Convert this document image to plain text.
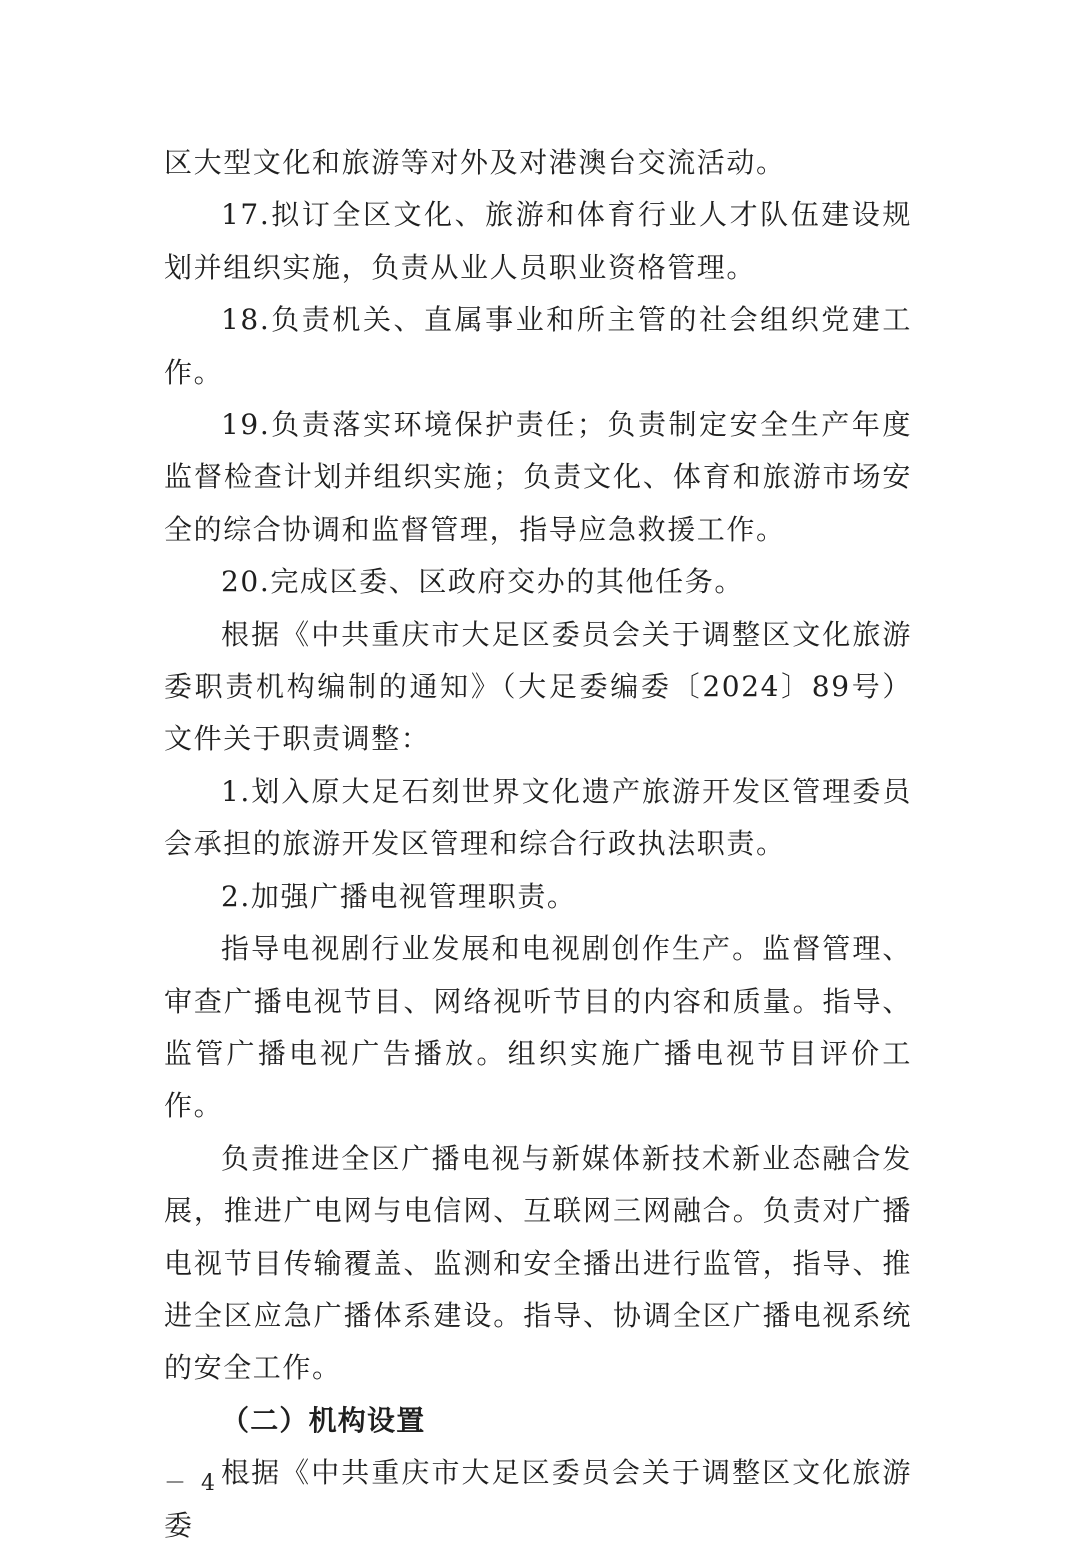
区大型文化和旅游等对外及对港澳台交流活动。

17.拟订全区文化、旅游和体育行业人才队伍建设规划并组织实施，负责从业人员职业资格管理。

18.负责机关、直属事业和所主管的社会组织党建工作。

19.负责落实环境保护责任；负责制定安全生产年度监督检查计划并组织实施；负责文化、体育和旅游市场安全的综合协调和监督管理，指导应急救援工作。

20.完成区委、区政府交办的其他任务。

根据《中共重庆市大足区委员会关于调整区文化旅游委职责机构编制的通知》（大足委编委〔2024〕89号）文件关于职责调整：

1.划入原大足石刻世界文化遗产旅游开发区管理委员会承担的旅游开发区管理和综合行政执法职责。

2.加强广播电视管理职责。

指导电视剧行业发展和电视剧创作生产。监督管理、审查广播电视节目、网络视听节目的内容和质量。指导、监管广播电视广告播放。组织实施广播电视节目评价工作。

负责推进全区广播电视与新媒体新技术新业态融合发展，推进广电网与电信网、互联网三网融合。负责对广播电视节目传输覆盖、监测和安全播出进行监管，指导、推进全区应急广播体系建设。指导、协调全区广播电视系统的安全工作。

（二）机构设置

根据《中共重庆市大足区委员会关于调整区文化旅游委

－ 4 －
